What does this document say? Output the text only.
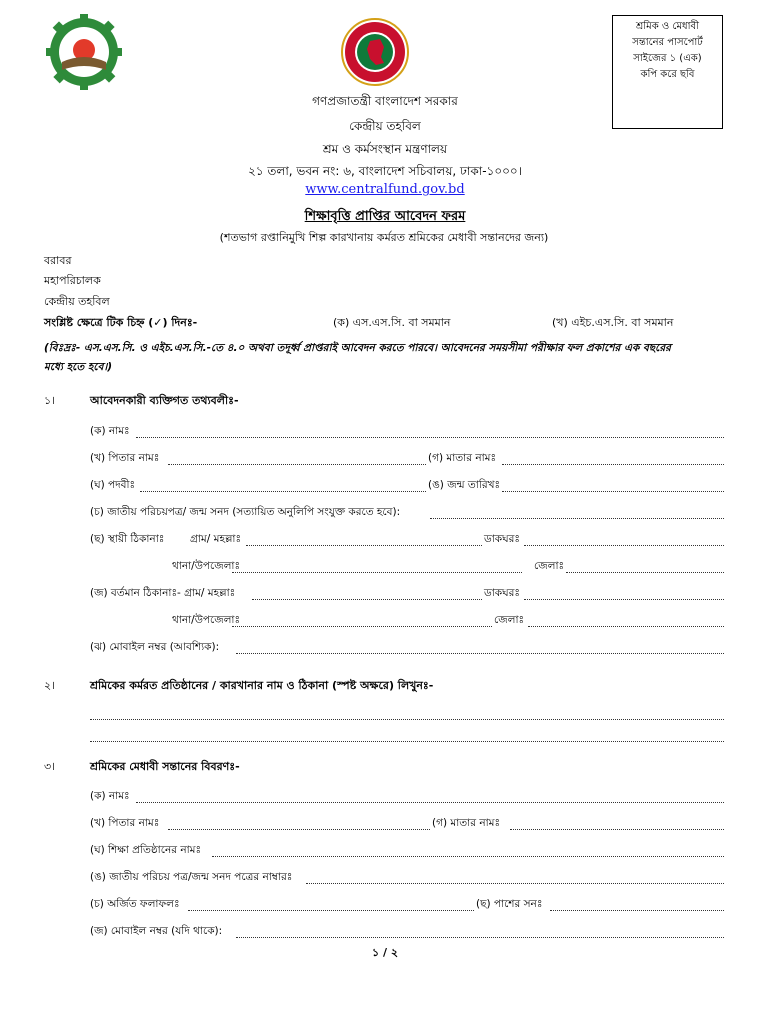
শ্রমিক ও মেধাবী
সন্তানের পাসপোর্ট
সাইজের ১ (এক)
কপি করে ছবি
গণপ্রজাতন্ত্রী বাংলাদেশ সরকার
কেন্দ্রীয় তহবিল
শ্রম ও কর্মসংস্থান মন্ত্রণালয়
২১ তলা, ভবন নং: ৬, বাংলাদেশ সচিবালয়, ঢাকা-১০০০।
www.centralfund.gov.bd
শিক্ষাবৃত্তি প্রাপ্তির আবেদন ফরম
(শতভাগ রপ্তানিমুখি শিল্প কারখানায় কর্মরত শ্রমিকের মেধাবী সন্তানদের জন্য)
বরাবর
মহাপরিচালক
কেন্দ্রীয় তহবিল
সংশ্লিষ্ট ক্ষেত্রে টিক চিহ্ন (✓) দিনঃ-	(ক) এস.এস.সি. বা সমমান	(খ) এইচ.এস.সি. বা সমমান
(বিঃদ্রঃ- এস.এস.সি. ও এইচ.এস.সি.-তে ৪.০ অথবা তদূর্ধ্ব প্রাপ্তরাই আবেদন করতে পারবে। আবেদনের সময়সীমা পরীক্ষার ফল প্রকাশের এক বছরের
মধ্যে হতে হবে।)
১।	আবেদনকারী ব্যক্তিগত তথ্যবলীঃ-
(ক) নামঃ
(খ) পিতার নামঃ	(গ) মাতার নামঃ
(ঘ) পদবীঃ	(ঙ) জন্ম তারিখঃ
(চ) জাতীয় পরিচয়পত্র/ জন্ম সনদ (সত্যায়িত অনুলিপি সংযুক্ত করতে হবে):
(ছ) স্থায়ী ঠিকানাঃ গ্রাম/ মহল্লাঃ	ডাকঘরঃ
থানা/উপজেলাঃ	জেলাঃ
(জ) বর্তমান ঠিকানাঃ- গ্রাম/ মহল্লাঃ	ডাকঘরঃ
থানা/উপজেলাঃ	জেলাঃ
(ঝ) মোবাইল নম্বর (আবশ্যিক):
২।	শ্রমিকের কর্মরত প্রতিষ্ঠানের / কারখানার নাম ও ঠিকানা (স্পষ্ট অক্ষরে) লিখুনঃ-
৩।	শ্রমিকের মেধাবী সন্তানের বিবরণঃ-
(ক) নামঃ
(খ) পিতার নামঃ	(গ) মাতার নামঃ
(ঘ) শিক্ষা প্রতিষ্ঠানের নামঃ
(ঙ) জাতীয় পরিচয় পত্র/জন্ম সনদ পত্রের নাম্বারঃ
(চ) অর্জিত ফলাফলঃ	(ছ) পাশের সনঃ
(জ) মোবাইল নম্বর (যদি থাকে):
১ / ২
